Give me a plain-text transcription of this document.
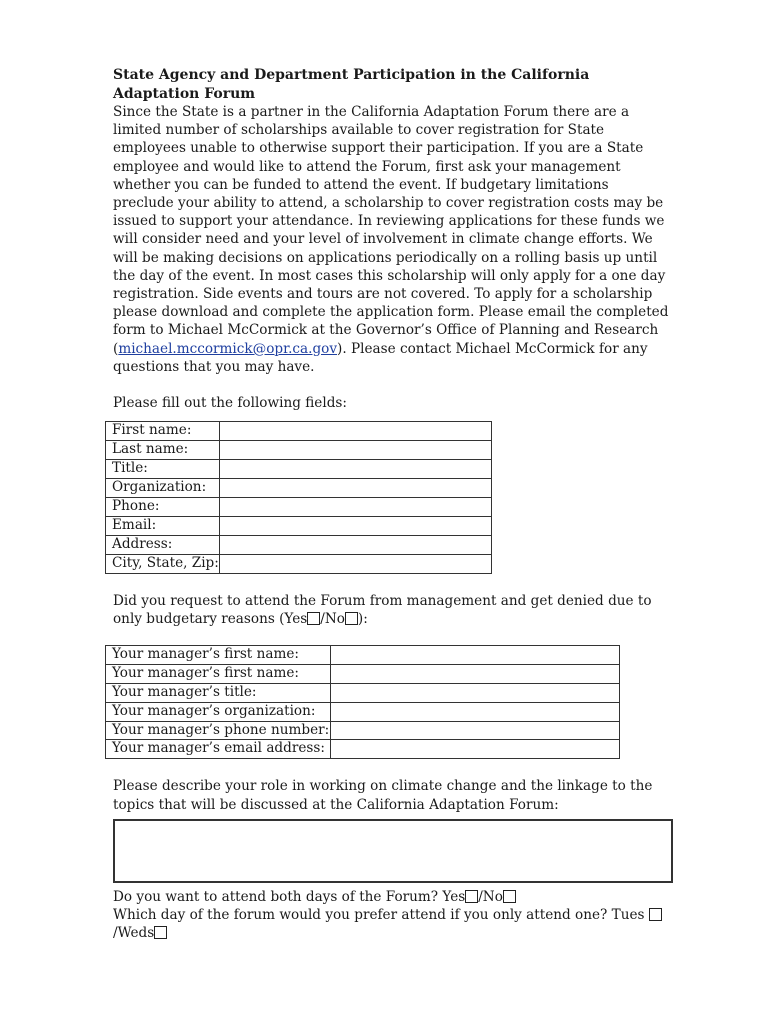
State Agency and Department Participation in the California Adaptation Forum

Since the State is a partner in the California Adaptation Forum there are a limited number of scholarships available to cover registration for State employees unable to otherwise support their participation. If you are a State employee and would like to attend the Forum, first ask your management whether you can be funded to attend the event. If budgetary limitations preclude your ability to attend, a scholarship to cover registration costs may be issued to support your attendance. In reviewing applications for these funds we will consider need and your level of involvement in climate change efforts. We will be making decisions on applications periodically on a rolling basis up until the day of the event. In most cases this scholarship will only apply for a one day registration. Side events and tours are not covered. To apply for a scholarship please download and complete the application form. Please email the completed form to Michael McCormick at the Governor’s Office of Planning and Research (michael.mccormick@opr.ca.gov). Please contact Michael McCormick for any questions that you may have.

Please fill out the following fields:

First name:	
Last name:	
Title:	
Organization:	
Phone:	
Email:	
Address:	
City, State, Zip:	

Did you request to attend the Forum from management and get denied due to only budgetary reasons (Yes /No ):

Your manager’s first name:	
Your manager’s first name:	
Your manager’s title:	
Your manager’s organization:	
Your manager’s phone number:	
Your manager’s email address:	

Please describe your role in working on climate change and the linkage to the topics that will be discussed at the California Adaptation Forum:

Do you want to attend both days of the Forum? Yes /No

Which day of the forum would you prefer attend if you only attend one? Tues
/Weds
